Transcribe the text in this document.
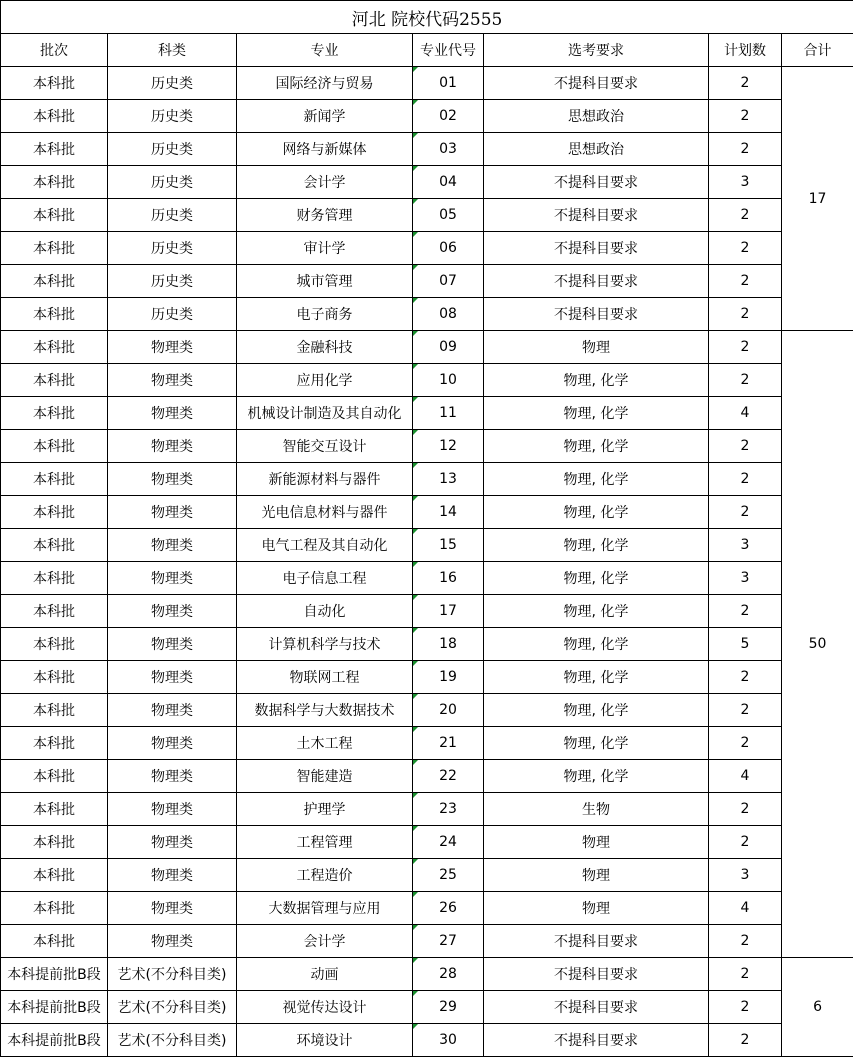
河北 院校代码2555						
批次	科类	专业	专业代号	选考要求	计划数	合计
本科批	历史类	国际经济与贸易	01	不提科目要求	2	17
本科批	历史类	新闻学	02	思想政治	2	
本科批	历史类	网络与新媒体	03	思想政治	2	
本科批	历史类	会计学	04	不提科目要求	3	
本科批	历史类	财务管理	05	不提科目要求	2	
本科批	历史类	审计学	06	不提科目要求	2	
本科批	历史类	城市管理	07	不提科目要求	2	
本科批	历史类	电子商务	08	不提科目要求	2	
本科批	物理类	金融科技	09	物理	2	50
本科批	物理类	应用化学	10	物理, 化学	2	
本科批	物理类	机械设计制造及其自动化	11	物理, 化学	4	
本科批	物理类	智能交互设计	12	物理, 化学	2	
本科批	物理类	新能源材料与器件	13	物理, 化学	2	
本科批	物理类	光电信息材料与器件	14	物理, 化学	2	
本科批	物理类	电气工程及其自动化	15	物理, 化学	3	
本科批	物理类	电子信息工程	16	物理, 化学	3	
本科批	物理类	自动化	17	物理, 化学	2	
本科批	物理类	计算机科学与技术	18	物理, 化学	5	
本科批	物理类	物联网工程	19	物理, 化学	2	
本科批	物理类	数据科学与大数据技术	20	物理, 化学	2	
本科批	物理类	土木工程	21	物理, 化学	2	
本科批	物理类	智能建造	22	物理, 化学	4	
本科批	物理类	护理学	23	生物	2	
本科批	物理类	工程管理	24	物理	2	
本科批	物理类	工程造价	25	物理	3	
本科批	物理类	大数据管理与应用	26	物理	4	
本科批	物理类	会计学	27	不提科目要求	2	
本科提前批B段	艺术(不分科目类)	动画	28	不提科目要求	2	6
本科提前批B段	艺术(不分科目类)	视觉传达设计	29	不提科目要求	2	
本科提前批B段	艺术(不分科目类)	环境设计	30	不提科目要求	2	
